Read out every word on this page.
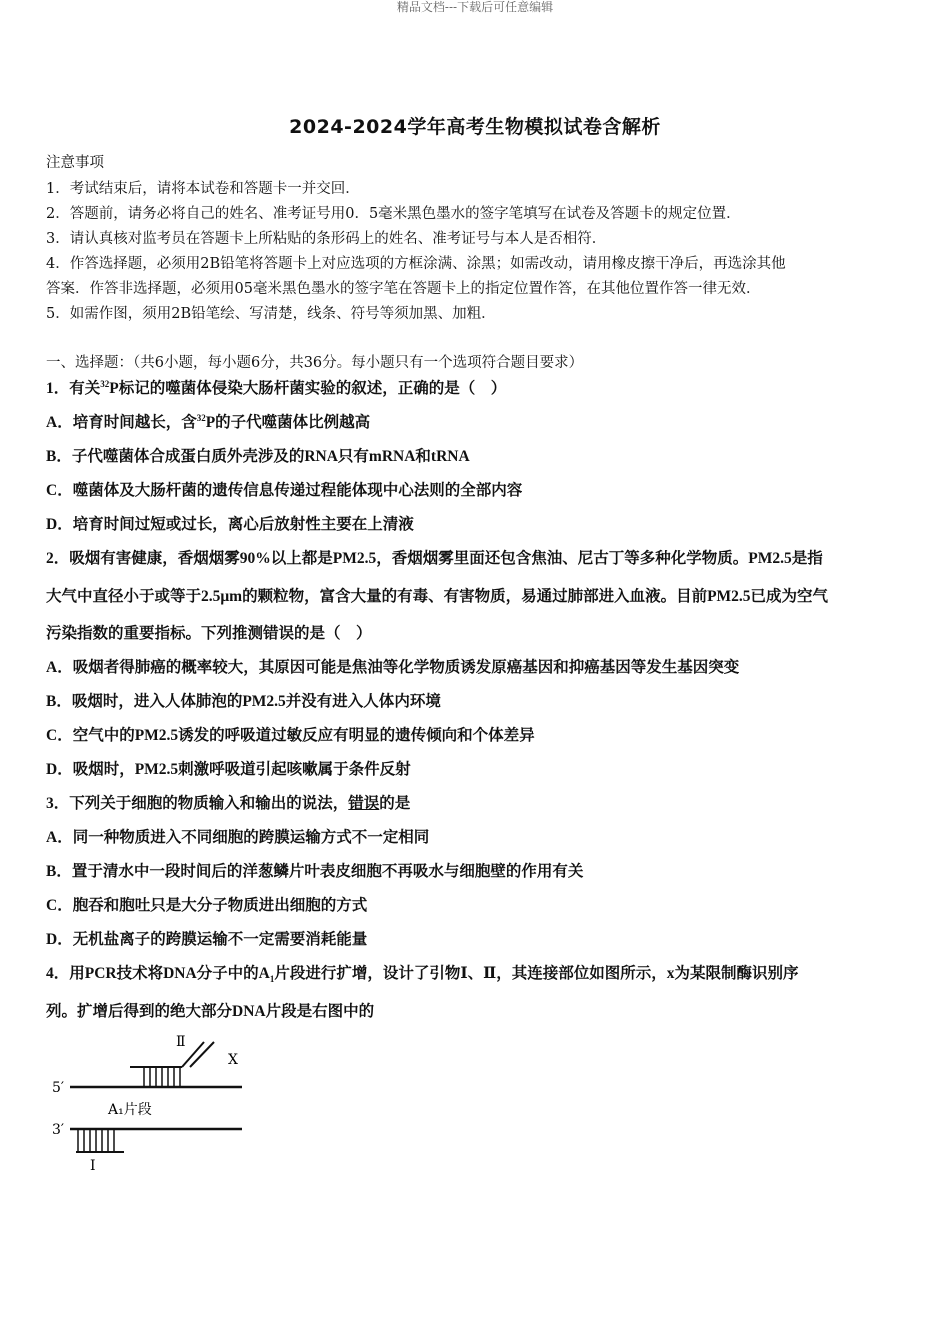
精品文档---下载后可任意编辑
2024-2024学年高考生物模拟试卷含解析
注意事项
1．考试结束后，请将本试卷和答题卡一并交回．
2．答题前，请务必将自己的姓名、准考证号用0．5毫米黑色墨水的签字笔填写在试卷及答题卡的规定位置．
3．请认真核对监考员在答题卡上所粘贴的条形码上的姓名、准考证号与本人是否相符．
4．作答选择题，必须用2B铅笔将答题卡上对应选项的方框涂满、涂黑；如需改动，请用橡皮擦干净后，再选涂其他
答案．作答非选择题，必须用05毫米黑色墨水的签字笔在答题卡上的指定位置作答，在其他位置作答一律无效．
5．如需作图，须用2B铅笔绘、写清楚，线条、符号等须加黑、加粗．
一、选择题：（共6小题，每小题6分，共36分。每小题只有一个选项符合题目要求）
1．有关$^{32}$P标记的噬菌体侵染大肠杆菌实验的叙述，正确的是（　）
A．培育时间越长，含$^{32}$P的子代噬菌体比例越高
B．子代噬菌体合成蛋白质外壳涉及的RNA只有mRNA和tRNA
C．噬菌体及大肠杆菌的遗传信息传递过程能体现中心法则的全部内容
D．培育时间过短或过长，离心后放射性主要在上清液
2．吸烟有害健康，香烟烟雾90%以上都是PM2.5，香烟烟雾里面还包含焦油、尼古丁等多种化学物质。PM2.5是指
大气中直径小于或等于2.5μm的颗粒物，富含大量的有毒、有害物质，易通过肺部进入血液。目前PM2.5已成为空气
污染指数的重要指标。下列推测错误的是（　）
A．吸烟者得肺癌的概率较大，其原因可能是焦油等化学物质诱发原癌基因和抑癌基因等发生基因突变
B．吸烟时，进入人体肺泡的PM2.5并没有进入人体内环境
C．空气中的PM2.5诱发的呼吸道过敏反应有明显的遗传倾向和个体差异
D．吸烟时，PM2.5刺激呼吸道引起咳嗽属于条件反射
3．下列关于细胞的物质输入和输出的说法，错误的是
A．同一种物质进入不同细胞的跨膜运输方式不一定相同
B．置于清水中一段时间后的洋葱鳞片叶表皮细胞不再吸水与细胞壁的作用有关
C．胞吞和胞吐只是大分子物质进出细胞的方式
D．无机盐离子的跨膜运输不一定需要消耗能量
4．用PCR技术将DNA分子中的$A_1$片段进行扩增，设计了引物Ⅰ、Ⅱ，其连接部位如图所示，x为某限制酶识别序
列。扩增后得到的绝大部分DNA片段是右图中的
5′
Ⅱ
X
A₁片段
3′
Ⅰ
